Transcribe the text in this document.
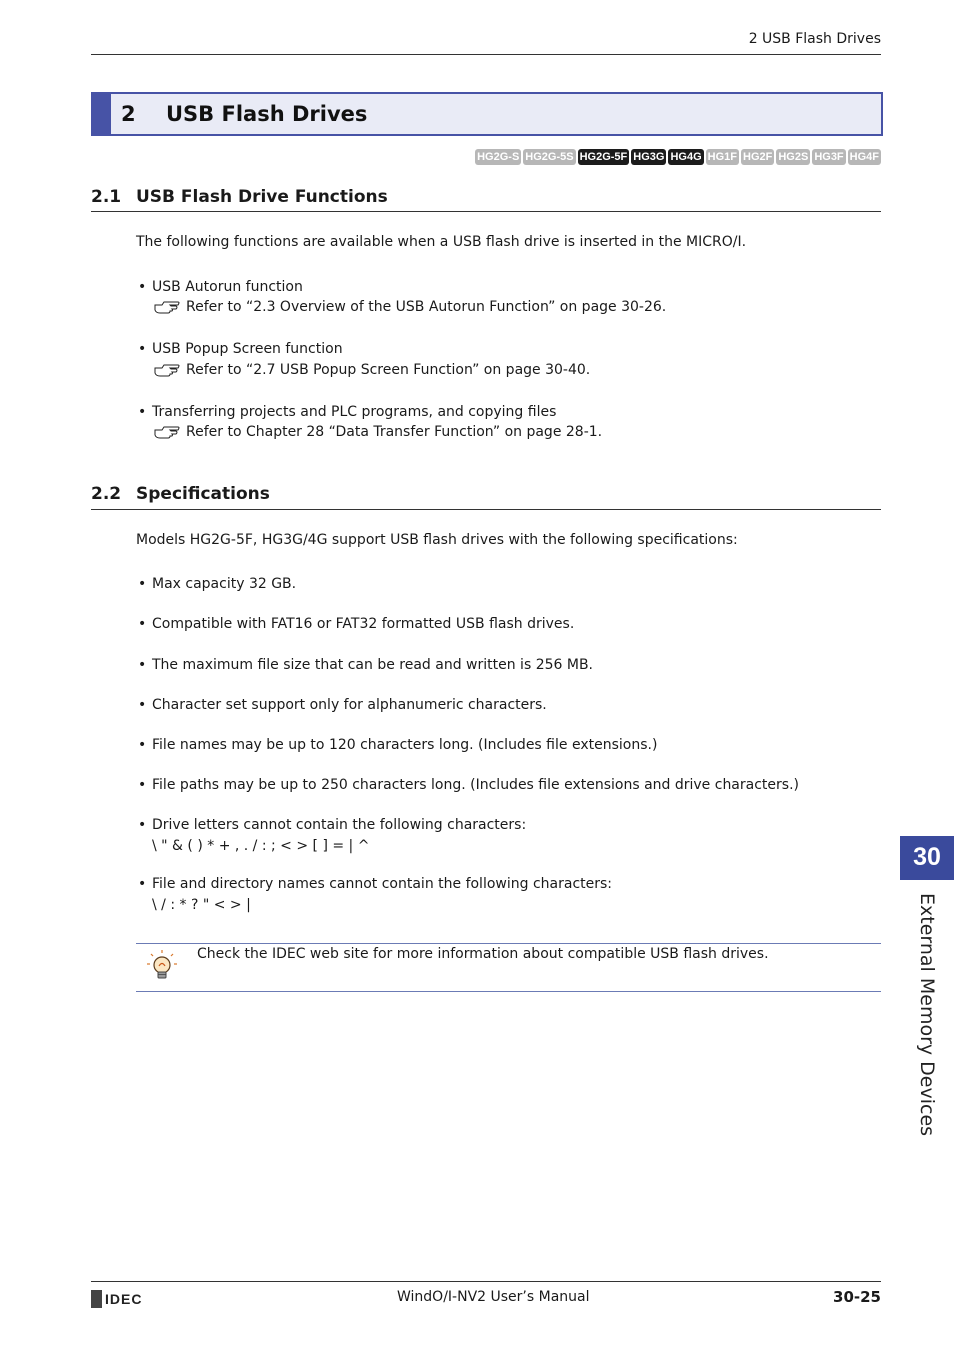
2 USB Flash Drives
2 USB Flash Drives
HG2G-S HG2G-5S HG2G-5F HG3G HG4G HG1F HG2F HG2S HG3F HG4F
2.1 USB Flash Drive Functions
The following functions are available when a USB flash drive is inserted in the MICRO/I.
• USB Autorun function
Refer to “2.3 Overview of the USB Autorun Function” on page 30-26.
• USB Popup Screen function
Refer to “2.7 USB Popup Screen Function” on page 30-40.
• Transferring projects and PLC programs, and copying files
Refer to Chapter 28 “Data Transfer Function” on page 28-1.
2.2 Specifications
Models HG2G-5F, HG3G/4G support USB flash drives with the following specifications:
• Max capacity 32 GB.
• Compatible with FAT16 or FAT32 formatted USB flash drives.
• The maximum file size that can be read and written is 256 MB.
• Character set support only for alphanumeric characters.
• File names may be up to 120 characters long. (Includes file extensions.)
• File paths may be up to 250 characters long. (Includes file extensions and drive characters.)
• Drive letters cannot contain the following characters:
\ " & ( ) * + , . / : ; < > [ ] = | ^
• File and directory names cannot contain the following characters:
\ / : * ? " < > |
Check the IDEC web site for more information about compatible USB flash drives.
30
External Memory Devices
IDEC	WindO/I-NV2 User’s Manual	30-25
